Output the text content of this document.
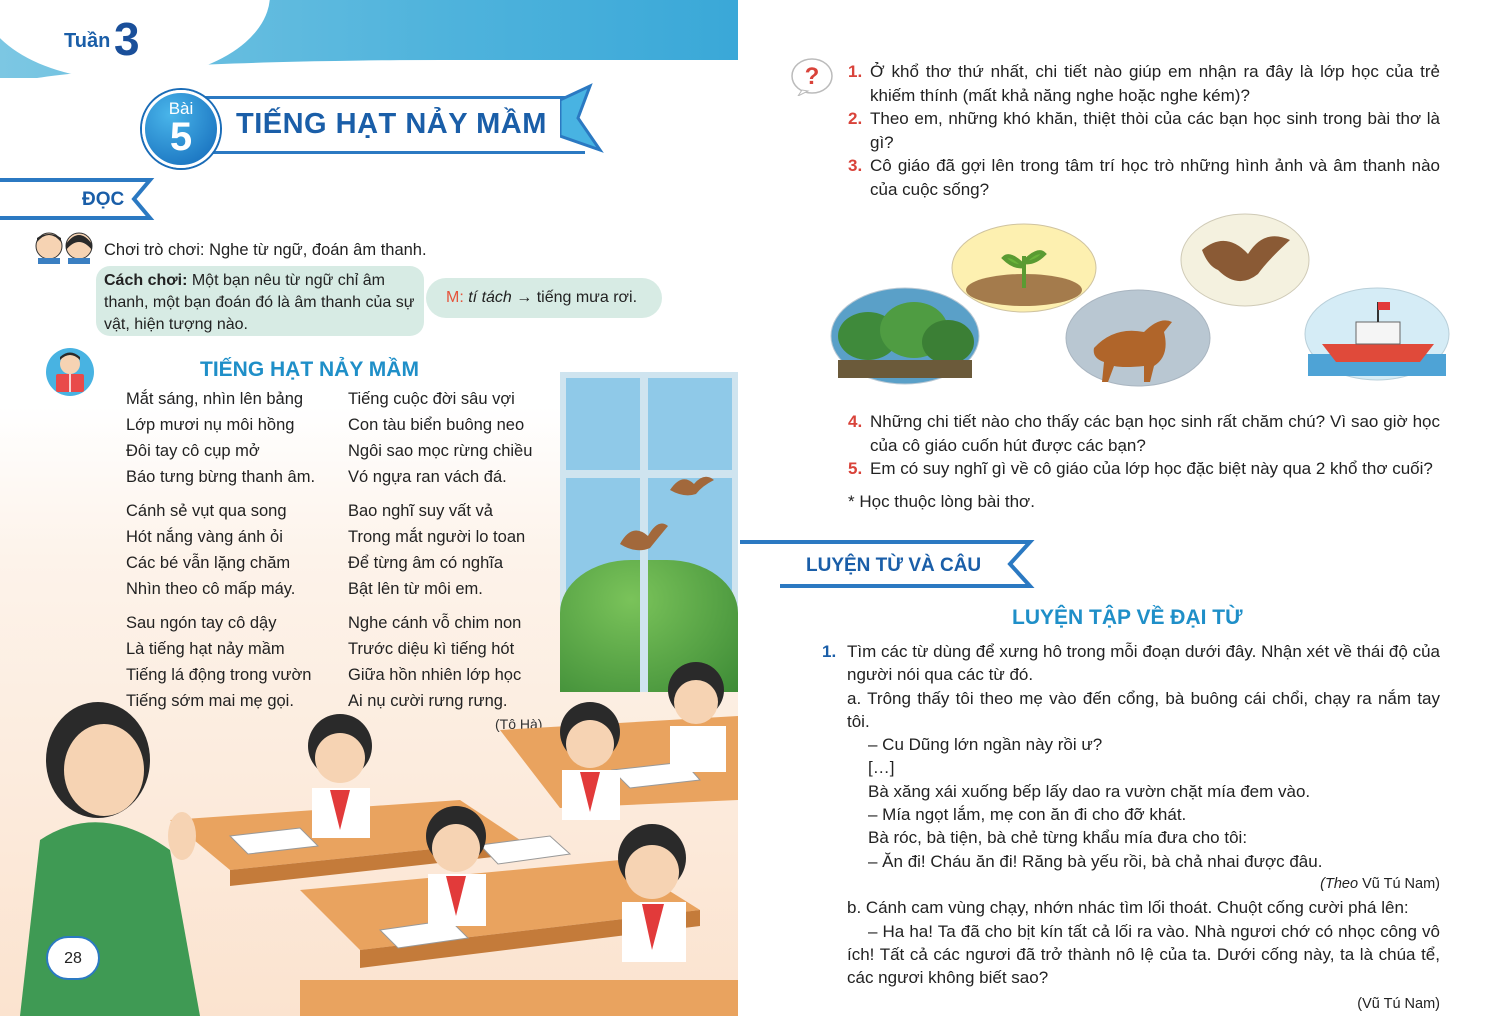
Tuần 3
Bài
5	TIẾNG HẠT NẢY MẦM
ĐỌC
Chơi trò chơi: Nghe từ ngữ, đoán âm thanh.
Cách chơi: Một bạn nêu từ ngữ chỉ âm thanh, một bạn đoán đó là âm thanh của sự vật, hiện tượng nào.
M: tí tách → tiếng mưa rơi.
TIẾNG HẠT NẢY MẦM
Mắt sáng, nhìn lên bảng
Lớp mươi nụ môi hồng
Đôi tay cô cụp mở
Báo tưng bừng thanh âm.
Cánh sẻ vụt qua song
Hót nắng vàng ánh ỏi
Các bé vẫn lặng chăm
Nhìn theo cô mấp máy.
Sau ngón tay cô dậy
Là tiếng hạt nảy mầm
Tiếng lá động trong vườn
Tiếng sớm mai mẹ gọi.
Tiếng cuộc đời sâu vợi
Con tàu biển buông neo
Ngôi sao mọc rừng chiều
Vó ngựa ran vách đá.
Bao nghĩ suy vất vả
Trong mắt người lo toan
Để từng âm có nghĩa
Bật lên từ môi em.
Nghe cánh vỗ chim non
Trước diệu kì tiếng hót
Giữa hồn nhiên lớp học
Ai nụ cười rưng rưng.
(Tô Hà)
28
? 1. Ở khổ thơ thứ nhất, chi tiết nào giúp em nhận ra đây là lớp học của trẻ khiếm thính (mất khả năng nghe hoặc nghe kém)?
2. Theo em, những khó khăn, thiệt thòi của các bạn học sinh trong bài thơ là gì?
3. Cô giáo đã gợi lên trong tâm trí học trò những hình ảnh và âm thanh nào của cuộc sống?
4. Những chi tiết nào cho thấy các bạn học sinh rất chăm chú? Vì sao giờ học của cô giáo cuốn hút được các bạn?
5. Em có suy nghĩ gì về cô giáo của lớp học đặc biệt này qua 2 khổ thơ cuối?
* Học thuộc lòng bài thơ.
LUYỆN TỪ VÀ CÂU
LUYỆN TẬP VỀ ĐẠI TỪ
1. Tìm các từ dùng để xưng hô trong mỗi đoạn dưới đây. Nhận xét về thái độ của người nói qua các từ đó.
a. Trông thấy tôi theo mẹ vào đến cổng, bà buông cái chổi, chạy ra nắm tay tôi.
– Cu Dũng lớn ngần này rồi ư?
[…]
Bà xăng xái xuống bếp lấy dao ra vườn chặt mía đem vào.
– Mía ngọt lắm, mẹ con ăn đi cho đỡ khát.
Bà róc, bà tiện, bà chẻ từng khẩu mía đưa cho tôi:
– Ăn đi! Cháu ăn đi! Răng bà yếu rồi, bà chả nhai được đâu.
(Theo Vũ Tú Nam)
b. Cánh cam vùng chạy, nhớn nhác tìm lối thoát. Chuột cống cười phá lên:
– Ha ha! Ta đã cho bịt kín tất cả lối ra vào. Nhà ngươi chớ có nhọc công vô ích! Tất cả các ngươi đã trở thành nô lệ của ta. Dưới cống này, ta là chúa tể, các ngươi không biết sao?
(Vũ Tú Nam)
